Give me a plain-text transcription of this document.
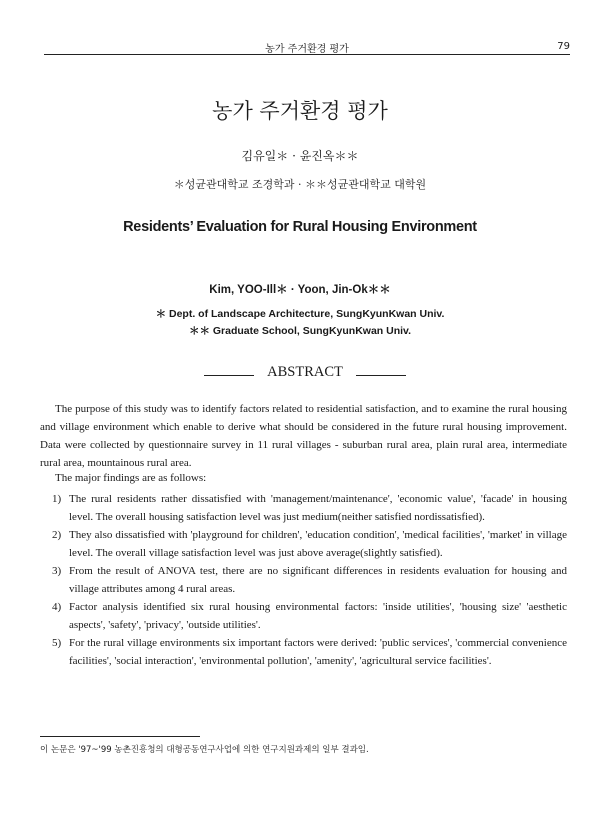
농가 주거환경 평가	79
농가 주거환경 평가
김유일＊ · 윤진옥＊＊
＊성균관대학교 조경학과 · ＊＊성균관대학교 대학원
Residents’ Evaluation for Rural Housing Environment
Kim, YOO-Ill＊ · Yoon, Jin-Ok＊＊
＊ Dept. of Landscape Architecture, SungKyunKwan Univ.
＊＊ Graduate School, SungKyunKwan Univ.
ABSTRACT

The purpose of this study was to identify factors related to residential satisfaction, and to examine the rural housing and village environment which enable to derive what should be considered in the future rural housing improvement. Data were collected by questionnaire survey in 11 rural villages - suburban rural area, plain rural area, intermediate rural area, mountainous rural area.

The major findings are as follows:
1) The rural residents rather dissatisfied with 'management/maintenance', 'economic value', 'facade' in housing level. The overall housing satisfaction level was just medium(neither satisfied nordissatisfied).
2) They also dissatisfied with 'playground for children', 'education condition', 'medical facilities', 'market' in village level. The overall village satisfaction level was just above average(slightly satisfied).
3) From the result of ANOVA test, there are no significant differences in residents evaluation for housing and village attributes among 4 rural areas.
4) Factor analysis identified six rural housing environmental factors: 'inside utilities', 'housing size' 'aesthetic aspects', 'safety', 'privacy', 'outside utilities'.
5) For the rural village environments six important factors were derived: 'public services', 'commercial convenience facilities', 'social interaction', 'environmental pollution', 'amenity', 'agricultural service facilities'.
이 논문은 '97~'99 농촌진흥청의 대형공동연구사업에 의한 연구지원과제의 일부 결과임.
